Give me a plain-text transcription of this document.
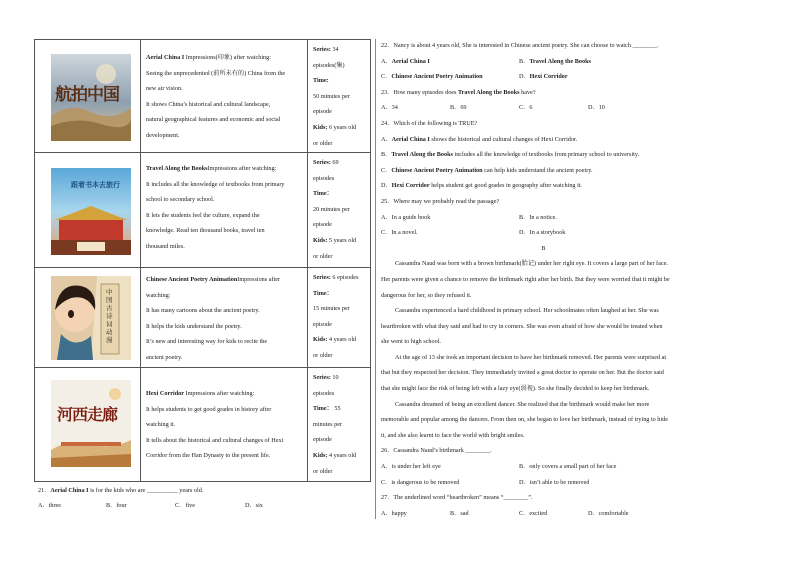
航拍中国
Aerial China I Impressions(印象) after watching:
Seeing the unprecedented (前所未有的) China from the
new air vision.
It shows China’s historical and cultural landscape,
natural geographical features and economic and social
development.
Series: 34
episodes(集)
Time:
50 minutes per
episode
Kids: 6 years old
or older
跟着书本去旅行
Travel Along the BooksImpressions after watching:
It includes all the knowledge of textbooks from primary
school to secondary school.
It lets the students feel the culture, expand the
knowledge. Read ten thousand books, travel ten
thousand miles.
Series: 69
episodes
Time：
20 minutes per
episode
Kids: 5 years old
or older
中国古诗词动漫
Chinese Ancient Poetry AnimationImpressions after
watching:
It has many cartoons about the ancient poetry.
It helps the kids understand the poetry.
It’s new and interesting way for kids to recite the
ancient poetry.
Series: 6 episodes
Time：
15 minutes per
episode
Kids: 4 years old
or older
河西走廊
Hexi Corridor Impressions after watching:
It helps students to get good grades in history after
watching it.
It tells about the historical and cultural changes of Hexi
Corridor from the Han Dynasty to the present life.
Series: 10
episodes
Time： 55
minutes per
episode
Kids: 4 years old
or older
21．Aerial China I is for the kids who are __________ years old.
A．three	B．four	C．five	D．six
22．Nancy is about 4 years old, She is interested in Chinese ancient poetry. She can choose to watch ________.
A．Aerial China I	B．Travel Along the Books
C．Chinese Ancient Poetry Animation	D．Hexi Corridor
23．How many episodes does Travel Along the Books have?
A．34	B．69	C．6	D．10
24．Which of the following is TRUE?
A．Aerial China I shows the historical and cultural changes of Hexi Corridor.
B．Travel Along the Books includes all the knowledge of textbooks from primary school to university.
C．Chinese Ancient Poetry Animation can help kids understand the ancient poetry.
D．Hexi Corridor helps student get good grades in geography after watching it.
25．Where may we probably read the passage?
A．In a guide book	B．In a notice.
C．In a novel.	D．In a storybook
B
Cassandra Naud was born with a brown birthmark(胎记) under her right eye. It covers a large part of her face.
Her parents were given a chance to remove the birthmark right after her birth. But they were worried that it might be
dangerous for her, so they refused it.
Cassandra experienced a hard childhood in primary school. Her schoolmates often laughed at her. She was
heartbroken with what they said and had to cry in corners. She was even afraid of how she would be treated when
she went to high school.
At the age of 13 she took an important decision to have her birthmark removed. Her parents were surprised at
that but they respected her decision. They immediately invited a great doctor to operate on her. But the doctor said
that she might face the risk of being left with a lazy eye(弱视). So she finally decided to keep her birthmark.
Cassandra dreamed of being an excellent dancer. She realized that the birthmark would make her more
memorable and popular among the dancers. From then on, she began to love her birthmark, instead of trying to hide
it, and she also learnt to face the world with bright smiles.
26．Cassandra Naud’s birthmark ________.
A．is under her left eye	B．only covers a small part of her face
C．is dangerous to be removed	D．isn’t able to be removed
27．The underlined word “heartbroken” means “________”.
A．happy	B．sad	C．excited	D．comfortable
